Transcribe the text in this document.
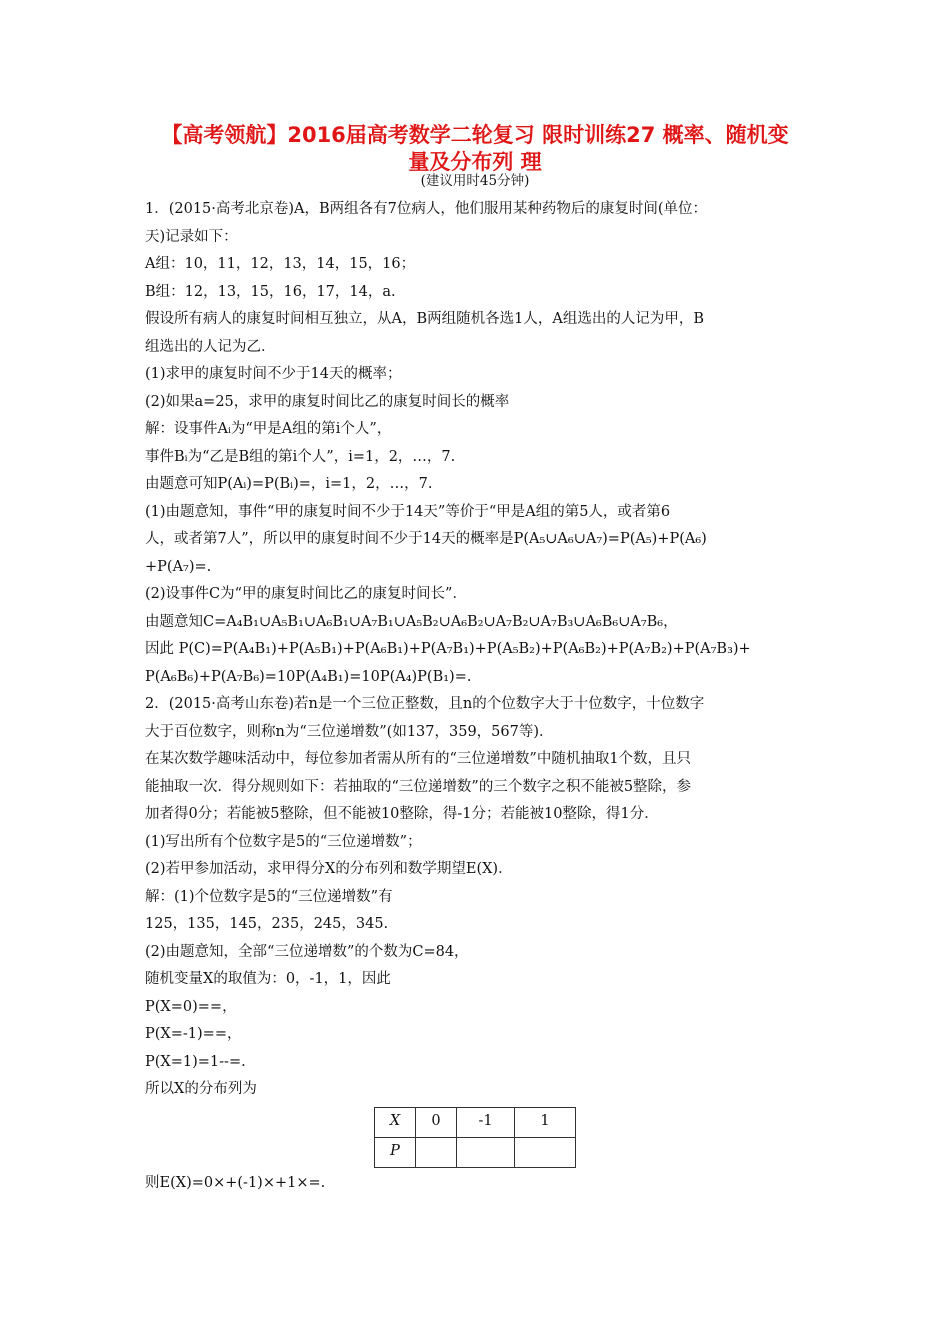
【高考领航】2016届高考数学二轮复习 限时训练27 概率、随机变
量及分布列 理
(建议用时45分钟)

1．(2015·高考北京卷)A，B两组各有7位病人，他们服用某种药物后的康复时间(单位：

天)记录如下：

A组：10，11，12，13，14，15，16；

B组：12，13，15，16，17，14，a.

假设所有病人的康复时间相互独立，从A，B两组随机各选1人，A组选出的人记为甲，B

组选出的人记为乙．

(1)求甲的康复时间不少于14天的概率；

(2)如果a=25，求甲的康复时间比乙的康复时间长的概率

解：设事件Aᵢ为“甲是A组的第i个人”，

事件Bᵢ为“乙是B组的第i个人”，i=1，2，…，7.

由题意可知P(Aᵢ)=P(Bᵢ)=，i=1，2，…，7.

(1)由题意知，事件“甲的康复时间不少于14天”等价于“甲是A组的第5人，或者第6

人，或者第7人”，所以甲的康复时间不少于14天的概率是P(A₅∪A₆∪A₇)=P(A₅)+P(A₆)

+P(A₇)=.

(2)设事件C为“甲的康复时间比乙的康复时间长”．

由题意知C=A₄B₁∪A₅B₁∪A₆B₁∪A₇B₁∪A₅B₂∪A₆B₂∪A₇B₂∪A₇B₃∪A₆B₆∪A₇B₆，

因此 P(C)=P(A₄B₁)+P(A₅B₁)+P(A₆B₁)+P(A₇B₁)+P(A₅B₂)+P(A₆B₂)+P(A₇B₂)+P(A₇B₃)+

P(A₆B₆)+P(A₇B₆)=10P(A₄B₁)=10P(A₄)P(B₁)=.

2．(2015·高考山东卷)若n是一个三位正整数，且n的个位数字大于十位数字，十位数字

大于百位数字，则称n为“三位递增数”(如137，359，567等)．

在某次数学趣味活动中，每位参加者需从所有的“三位递增数”中随机抽取1个数，且只

能抽取一次．得分规则如下：若抽取的“三位递增数”的三个数字之积不能被5整除，参

加者得0分；若能被5整除，但不能被10整除，得-1分；若能被10整除，得1分．

(1)写出所有个位数字是5的“三位递增数”；

(2)若甲参加活动，求甲得分X的分布列和数学期望E(X)．

解：(1)个位数字是5的“三位递增数”有

125，135，145，235，245，345.

(2)由题意知，全部“三位递增数”的个数为C=84，

随机变量X的取值为：0，-1，1，因此

P(X=0)==，

P(X=-1)==，

P(X=1)=1--=.

所以X的分布列为

X	0	-1	1
P			

则E(X)=0×+(-1)×+1×=.
